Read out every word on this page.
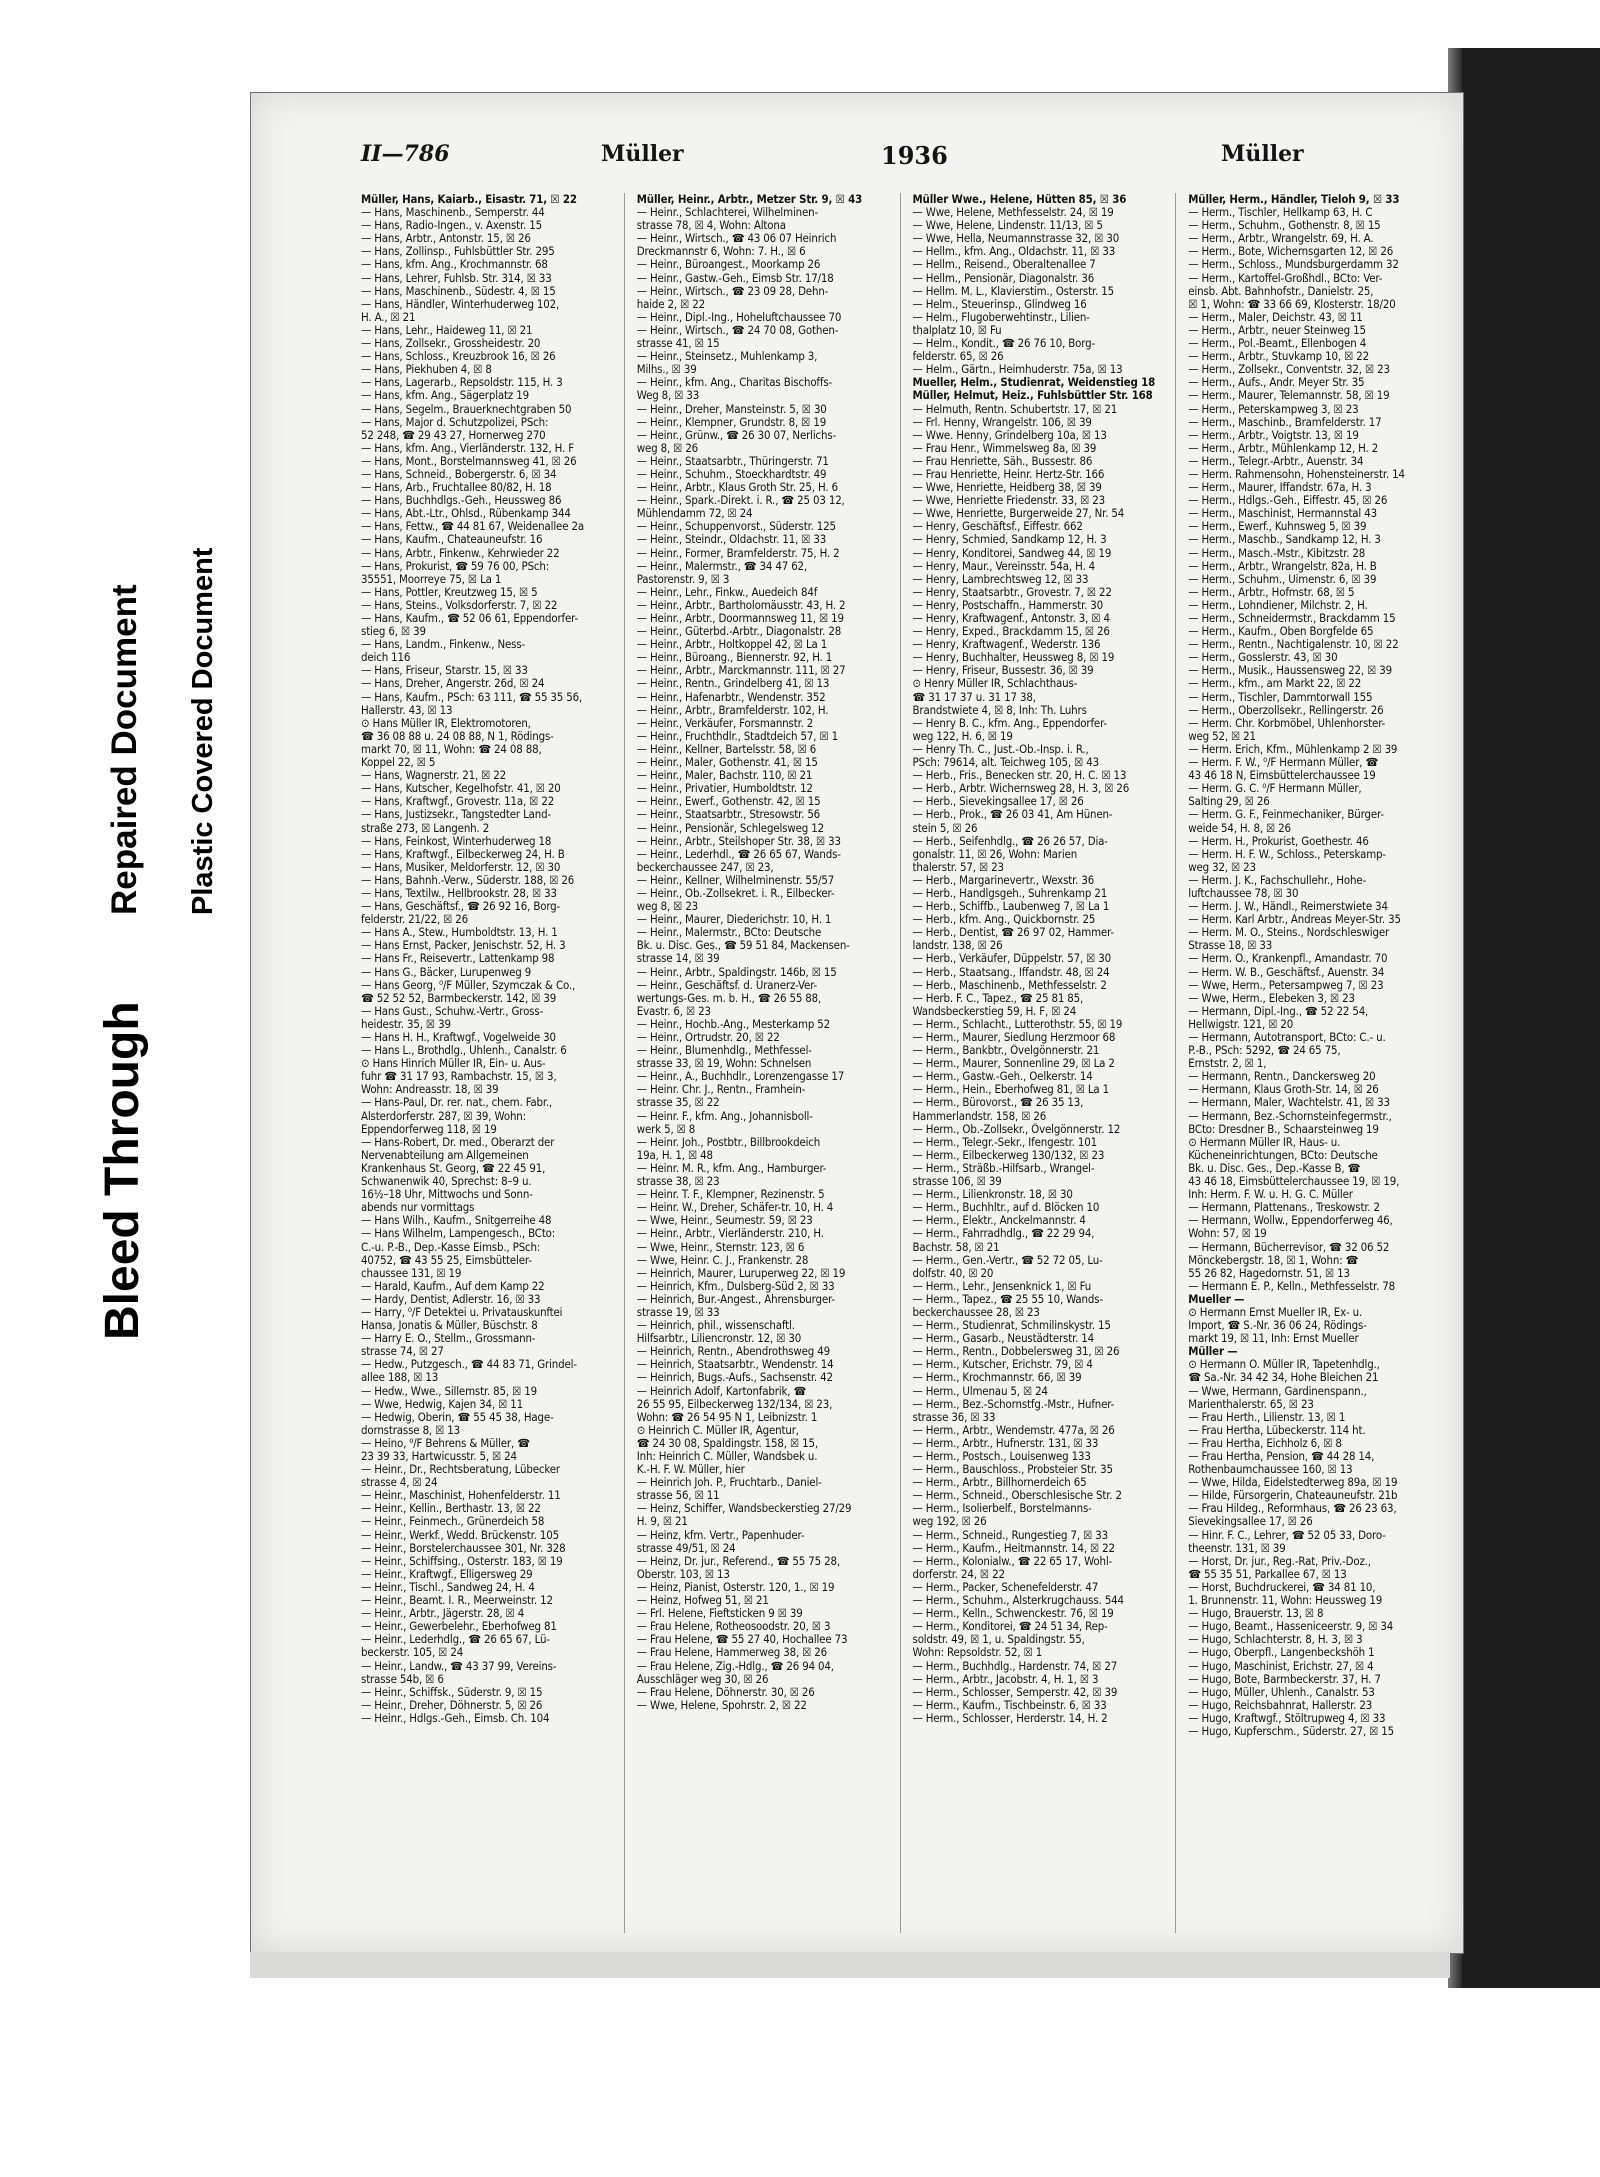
Bleed Through
Repaired Document Plastic Covered Document
II—786	Müller	1936	Müller
Müller, Hans, Kaiarb., Eisastr. 71, ☒ 22
— Hans, Maschinenb., Semperstr. 44
— Hans, Radio-Ingen., v. Axenstr. 15
— Hans, Arbtr., Antonstr. 15, ☒ 26
— Hans, Zollinsp., Fuhlsbüttler Str. 295
— Hans, kfm. Ang., Krochmannstr. 68
— Hans, Lehrer, Fuhlsb. Str. 314, ☒ 33
— Hans, Maschinenb., Südestr. 4, ☒ 15
— Hans, Händler, Winterhuderweg 102,
H. A., ☒ 21
— Hans, Lehr., Haideweg 11, ☒ 21
— Hans, Zollsekr., Grossheidestr. 20
— Hans, Schloss., Kreuzbrook 16, ☒ 26
— Hans, Piekhuben 4, ☒ 8
— Hans, Lagerarb., Repsoldstr. 115, H. 3
— Hans, kfm. Ang., Sägerplatz 19
— Hans, Segelm., Brauerknechtgraben 50
— Hans, Major d. Schutzpolizei, PSch:
52 248, ☎ 29 43 27, Hornerweg 270
— Hans, kfm. Ang., Vierländerstr. 132, H. F
— Hans, Mont., Borstelmannsweg 41, ☒ 26
— Hans, Schneid., Bobergerstr. 6, ☒ 34
— Hans, Arb., Fruchtallee 80/82, H. 18
— Hans, Buchhdlgs.-Geh., Heussweg 86
— Hans, Abt.-Ltr., Ohlsd., Rübenkamp 344
— Hans, Fettw., ☎ 44 81 67, Weidenallee 2a
— Hans, Kaufm., Chateauneufstr. 16
— Hans, Arbtr., Finkenw., Kehrwieder 22
— Hans, Prokurist, ☎ 59 76 00, PSch:
35551, Moorreye 75, ☒ La 1
— Hans, Pottler, Kreutzweg 15, ☒ 5
— Hans, Steins., Volksdorferstr. 7, ☒ 22
— Hans, Kaufm., ☎ 52 06 61, Eppendorfer-
stieg 6, ☒ 39
— Hans, Landm., Finkenw., Ness-
deich 116
— Hans, Friseur, Starstr. 15, ☒ 33
— Hans, Dreher, Angerstr. 26d, ☒ 24
— Hans, Kaufm., PSch: 63 111, ☎ 55 35 56,
Hallerstr. 43, ☒ 13
⊙ Hans Müller IR, Elektromotoren,
☎ 36 08 88 u. 24 08 88, N 1, Rödings-
markt 70, ☒ 11, Wohn: ☎ 24 08 88,
Koppel 22, ☒ 5
— Hans, Wagnerstr. 21, ☒ 22
— Hans, Kutscher, Kegelhofstr. 41, ☒ 20
— Hans, Kraftwgf., Grovestr. 11a, ☒ 22
— Hans, Justizsekr., Tangstedter Land-
straße 273, ☒ Langenh. 2
— Hans, Feinkost, Winterhuderweg 18
— Hans, Kraftwgf., Eilbeckerweg 24, H. B
— Hans, Musiker, Meldorferstr. 12, ☒ 30
— Hans, Bahnh.-Verw., Süderstr. 188, ☒ 26
— Hans, Textilw., Hellbrookstr. 28, ☒ 33
— Hans, Geschäftsf., ☎ 26 92 16, Borg-
felderstr. 21/22, ☒ 26
— Hans A., Stew., Humboldtstr. 13, H. 1
— Hans Ernst, Packer, Jenischstr. 52, H. 3
— Hans Fr., Reisevertr., Lattenkamp 98
— Hans G., Bäcker, Lurupenweg 9
— Hans Georg, ⁰/F Müller, Szymczak & Co.,
☎ 52 52 52, Barmbeckerstr. 142, ☒ 39
— Hans Gust., Schuhw.-Vertr., Gross-
heidestr. 35, ☒ 39
— Hans H. H., Kraftwgf., Vogelweide 30
— Hans L., Brothdlg., Uhlenh., Canalstr. 6
⊙ Hans Hinrich Müller IR, Ein- u. Aus-
fuhr ☎ 31 17 93, Rambachstr. 15, ☒ 3,
Wohn: Andreasstr. 18, ☒ 39
— Hans-Paul, Dr. rer. nat., chem. Fabr.,
Alsterdorferstr. 287, ☒ 39, Wohn:
Eppendorferweg 118, ☒ 19
— Hans-Robert, Dr. med., Oberarzt der
Nervenabteilung am Allgemeinen
Krankenhaus St. Georg, ☎ 22 45 91,
Schwanenwik 40, Sprechst: 8–9 u.
16½–18 Uhr, Mittwochs und Sonn-
abends nur vormittags
— Hans Wilh., Kaufm., Snitgerreihe 48
— Hans Wilhelm, Lampengesch., BCto:
C.-u. P.-B., Dep.-Kasse Eimsb., PSch:
40752, ☎ 43 55 25, Eimsbütteler-
chaussee 131, ☒ 19
— Harald, Kaufm., Auf dem Kamp 22
— Hardy, Dentist, Adlerstr. 16, ☒ 33
— Harry, ⁰/F Detektei u. Privatauskunftei
Hansa, Jonatis & Müller, Büschstr. 8
— Harry E. O., Stellm., Grossmann-
strasse 74, ☒ 27
— Hedw., Putzgesch., ☎ 44 83 71, Grindel-
allee 188, ☒ 13
— Hedw., Wwe., Sillemstr. 85, ☒ 19
— Wwe, Hedwig, Kajen 34, ☒ 11
— Hedwig, Oberin, ☎ 55 45 38, Hage-
dornstrasse 8, ☒ 13
— Heino, ⁰/F Behrens & Müller, ☎
23 39 33, Hartwicusstr. 5, ☒ 24
— Heinr., Dr., Rechtsberatung, Lübecker
strasse 4, ☒ 24
— Heinr., Maschinist, Hohenfelderstr. 11
— Heinr., Kellin., Berthastr. 13, ☒ 22
— Heinr., Feinmech., Grünerdeich 58
— Heinr., Werkf., Wedd. Brückenstr. 105
— Heinr., Borstelerchaussee 301, Nr. 328
— Heinr., Schiffsing., Osterstr. 183, ☒ 19
— Heinr., Kraftwgf., Elligersweg 29
— Heinr., Tischl., Sandweg 24, H. 4
— Heinr., Beamt. I. R., Meerweinstr. 12
— Heinr., Arbtr., Jägerstr. 28, ☒ 4
— Heinr., Gewerbelehr., Eberhofweg 81
— Heinr., Lederhdlg., ☎ 26 65 67, Lü-
beckerstr. 105, ☒ 24
— Heinr., Landw., ☎ 43 37 99, Vereins-
strasse 54b, ☒ 6
— Heinr., Schiffsk., Süderstr. 9, ☒ 15
— Heinr., Dreher, Döhnerstr. 5, ☒ 26
— Heinr., Hdlgs.-Geh., Eimsb. Ch. 104
Müller, Heinr., Arbtr., Metzer Str. 9, ☒ 43
— Heinr., Schlachterei, Wilhelminen-
strasse 78, ☒ 4, Wohn: Altona
— Heinr., Wirtsch., ☎ 43 06 07 Heinrich
Dreckmannstr 6, Wohn: 7. H., ☒ 6
— Heinr., Büroangest., Moorkamp 26
— Heinr., Gastw.-Geh., Eimsb Str. 17/18
— Heinr., Wirtsch., ☎ 23 09 28, Dehn-
haide 2, ☒ 22
— Heinr., Dipl.-Ing., Hoheluftchaussee 70
— Heinr., Wirtsch., ☎ 24 70 08, Gothen-
strasse 41, ☒ 15
— Heinr., Steinsetz., Muhlenkamp 3,
Milhs., ☒ 39
— Heinr., kfm. Ang., Charitas Bischoffs-
Weg 8, ☒ 33
— Heinr., Dreher, Mansteinstr. 5, ☒ 30
— Heinr., Klempner, Grundstr. 8, ☒ 19
— Heinr., Grünw., ☎ 26 30 07, Nerlichs-
weg 8, ☒ 26
— Heinr., Staatsarbtr., Thüringerstr. 71
— Heinr., Schuhm., Stoeckhardtstr. 49
— Heinr., Arbtr., Klaus Groth Str. 25, H. 6
— Heinr., Spark.-Direkt. i. R., ☎ 25 03 12,
Mühlendamm 72, ☒ 24
— Heinr., Schuppenvorst., Süderstr. 125
— Heinr., Steindr., Oldachstr. 11, ☒ 33
— Heinr., Former, Bramfelderstr. 75, H. 2
— Heinr., Malermstr., ☎ 34 47 62,
Pastorenstr. 9, ☒ 3
— Heinr., Lehr., Finkw., Auedeich 84f
— Heinr., Arbtr., Bartholomäusstr. 43, H. 2
— Heinr., Arbtr., Doormannsweg 11, ☒ 19
— Heinr., Güterbd.-Arbtr., Diagonalstr. 28
— Heinr., Arbtr., Holtkoppel 42, ☒ La 1
— Heinr., Büroang., Biennerstr. 92, H. 1
— Heinr., Arbtr., Marckmannstr. 111, ☒ 27
— Heinr., Rentn., Grindelberg 41, ☒ 13
— Heinr., Hafenarbtr., Wendenstr. 352
— Heinr., Arbtr., Bramfelderstr. 102, H.
— Heinr., Verkäufer, Forsmannstr. 2
— Heinr., Fruchthdlr., Stadtdeich 57, ☒ 1
— Heinr., Kellner, Bartelsstr. 58, ☒ 6
— Heinr., Maler, Gothenstr. 41, ☒ 15
— Heinr., Maler, Bachstr. 110, ☒ 21
— Heinr., Privatier, Humboldtstr. 12
— Heinr., Ewerf., Gothenstr. 42, ☒ 15
— Heinr., Staatsarbtr., Stresowstr. 56
— Heinr., Pensionär, Schlegelsweg 12
— Heinr., Arbtr., Steilshoper Str. 38, ☒ 33
— Heinr., Lederhdl., ☎ 26 65 67, Wands-
beckerchaussee 247, ☒ 23,
— Heinr., Kellner, Wilhelminenstr. 55/57
— Heinr., Ob.-Zollsekret. i. R., Eilbecker-
weg 8, ☒ 23
— Heinr., Maurer, Diederichstr. 10, H. 1
— Heinr., Malermstr., BCto: Deutsche
Bk. u. Disc. Ges., ☎ 59 51 84, Mackensen-
strasse 14, ☒ 39
— Heinr., Arbtr., Spaldingstr. 146b, ☒ 15
— Heinr., Geschäftsf. d. Uranerz-Ver-
wertungs-Ges. m. b. H., ☎ 26 55 88,
Evastr. 6, ☒ 23
— Heinr., Hochb.-Ang., Mesterkamp 52
— Heinr., Ortrudstr. 20, ☒ 22
— Heinr., Blumenhdlg., Methfessel-
strasse 33, ☒ 19, Wohn: Schnelsen
— Heinr., A., Buchhdlr., Lorenzengasse 17
— Heinr. Chr. J., Rentn., Framhein-
strasse 35, ☒ 22
— Heinr. F., kfm. Ang., Johannisboll-
werk 5, ☒ 8
— Heinr. Joh., Postbtr., Billbrookdeich
19a, H. 1, ☒ 48
— Heinr. M. R., kfm. Ang., Hamburger-
strasse 38, ☒ 23
— Heinr. T. F., Klempner, Rezinenstr. 5
— Heinr. W., Dreher, Schäfer-tr. 10, H. 4
— Wwe, Heinr., Seumestr. 59, ☒ 23
— Heinr., Arbtr., Vierländerstr. 210, H.
— Wwe, Heinr., Sternstr. 123, ☒ 6
— Wwe, Heinr. C. J., Frankenstr. 28
— Heinrich, Maurer, Luruperweg 22, ☒ 19
— Heinrich, Kfm., Dulsberg-Süd 2, ☒ 33
— Heinrich, Bur.-Angest., Ahrensburger-
strasse 19, ☒ 33
— Heinrich, phil., wissenschaftl.
Hilfsarbtr., Liliencronstr. 12, ☒ 30
— Heinrich, Rentn., Abendrothsweg 49
— Heinrich, Staatsarbtr., Wendenstr. 14
— Heinrich, Bugs.-Aufs., Sachsenstr. 42
— Heinrich Adolf, Kartonfabrik, ☎
26 55 95, Eilbeckerweg 132/134, ☒ 23,
Wohn: ☎ 26 54 95 N 1, Leibnizstr. 1
⊙ Heinrich C. Müller IR, Agentur,
☎ 24 30 08, Spaldingstr. 158, ☒ 15,
Inh: Heinrich C. Müller, Wandsbek u.
K.-H. F. W. Müller, hier
— Heinrich Joh. P., Fruchtarb., Daniel-
strasse 56, ☒ 11
— Heinz, Schiffer, Wandsbeckerstieg 27/29
H. 9, ☒ 21
— Heinz, kfm. Vertr., Papenhuder-
strasse 49/51, ☒ 24
— Heinz, Dr. jur., Referend., ☎ 55 75 28,
Oberstr. 103, ☒ 13
— Heinz, Pianist, Osterstr. 120, 1., ☒ 19
— Heinz, Hofweg 51, ☒ 21
— Frl. Helene, Fieftsticken 9 ☒ 39
— Frau Helene, Rotheosoodstr. 20, ☒ 3
— Frau Helene, ☎ 55 27 40, Hochallee 73
— Frau Helene, Hammerweg 38, ☒ 26
— Frau Helene, Zig.-Hdlg., ☎ 26 94 04,
Ausschläger weg 30, ☒ 26
— Frau Helene, Döhnerstr. 30, ☒ 26
— Wwe, Helene, Spohrstr. 2, ☒ 22
Müller Wwe., Helene, Hütten 85, ☒ 36
— Wwe, Helene, Methfesselstr. 24, ☒ 19
— Wwe, Helene, Lindenstr. 11/13, ☒ 5
— Wwe, Hella, Neumannstrasse 32, ☒ 30
— Hellm., kfm. Ang., Oldachstr. 11, ☒ 33
— Hellm., Reisend., Oberaltenallee 7
— Hellm., Pensionär, Diagonalstr. 36
— Hellm. M. L., Klavierstim., Osterstr. 15
— Helm., Steuerinsp., Glindweg 16
— Helm., Flugoberwehtinstr., Lilien-
thalplatz 10, ☒ Fu
— Helm., Kondit., ☎ 26 76 10, Borg-
felderstr. 65, ☒ 26
— Helm., Gärtn., Heimhuderstr. 75a, ☒ 13
Mueller, Helm., Studienrat, Weidenstieg 18
Müller, Helmut, Heiz., Fuhlsbüttler Str. 168
— Helmuth, Rentn. Schubertstr. 17, ☒ 21
— Frl. Henny, Wrangelstr. 106, ☒ 39
— Wwe. Henny, Grindelberg 10a, ☒ 13
— Frau Henr., Wimmelsweg 8a, ☒ 39
— Frau Henriette, Säh., Bussestr. 86
— Frau Henriette, Heinr. Hertz-Str. 166
— Wwe, Henriette, Heidberg 38, ☒ 39
— Wwe, Henriette Friedenstr. 33, ☒ 23
— Wwe, Henriette, Burgerweide 27, Nr. 54
— Henry, Geschäftsf., Eiffestr. 662
— Henry, Schmied, Sandkamp 12, H. 3
— Henry, Konditorei, Sandweg 44, ☒ 19
— Henry, Maur., Vereinsstr. 54a, H. 4
— Henry, Lambrechtsweg 12, ☒ 33
— Henry, Staatsarbtr., Grovestr. 7, ☒ 22
— Henry, Postschaffn., Hammerstr. 30
— Henry, Kraftwagenf., Antonstr. 3, ☒ 4
— Henry, Exped., Brackdamm 15, ☒ 26
— Henry, Kraftwagenf., Wederstr. 136
— Henry, Buchhalter, Heussweg 8, ☒ 19
— Henry, Friseur, Bussestr. 36, ☒ 39
⊙ Henry Müller IR, Schlachthaus-
☎ 31 17 37 u. 31 17 38,
Brandstwiete 4, ☒ 8, Inh: Th. Luhrs
— Henry B. C., kfm. Ang., Eppendorfer-
weg 122, H. 6, ☒ 19
— Henry Th. C., Just.-Ob.-Insp. i. R.,
PSch: 79614, alt. Teichweg 105, ☒ 43
— Herb., Fris., Benecken str. 20, H. C. ☒ 13
— Herb., Arbtr. Wichernsweg 28, H. 3, ☒ 26
— Herb., Sievekingsallee 17, ☒ 26
— Herb., Prok., ☎ 26 03 41, Am Hünen-
stein 5, ☒ 26
— Herb., Seifenhdlg., ☎ 26 26 57, Dia-
gonalstr. 11, ☒ 26, Wohn: Marien
thalerstr. 57, ☒ 23
— Herb., Margarinevertr., Wexstr. 36
— Herb., Handlgsgeh., Suhrenkamp 21
— Herb., Schiffb., Laubenweg 7, ☒ La 1
— Herb., kfm. Ang., Quickbornstr. 25
— Herb., Dentist, ☎ 26 97 02, Hammer-
landstr. 138, ☒ 26
— Herb., Verkäufer, Düppelstr. 57, ☒ 30
— Herb., Staatsang., Iffandstr. 48, ☒ 24
— Herb., Maschinenb., Methfesselstr. 2
— Herb. F. C., Tapez., ☎ 25 81 85,
Wandsbeckerstieg 59, H. F, ☒ 24
— Herm., Schlacht., Lutterothstr. 55, ☒ 19
— Herm., Maurer, Siedlung Herzmoor 68
— Herm., Bankbtr., Övelgönnerstr. 21
— Herm., Maurer, Sonnenline 29, ☒ La 2
— Herm., Gastw.-Geh., Oelkerstr. 14
— Herm., Hein., Eberhofweg 81, ☒ La 1
— Herm., Bürovorst., ☎ 26 35 13,
Hammerlandstr. 158, ☒ 26
— Herm., Ob.-Zollsekr., Övelgönnerstr. 12
— Herm., Telegr.-Sekr., Ifengestr. 101
— Herm., Eilbeckerweg 130/132, ☒ 23
— Herm., Sträßb.-Hilfsarb., Wrangel-
strasse 106, ☒ 39
— Herm., Lilienkronstr. 18, ☒ 30
— Herm., Buchhltr., auf d. Blöcken 10
— Herm., Elektr., Anckelmannstr. 4
— Herm., Fahrradhdlg., ☎ 22 29 94,
Bachstr. 58, ☒ 21
— Herm., Gen.-Vertr., ☎ 52 72 05, Lu-
dolfstr. 40, ☒ 20
— Herm., Lehr., Jensenknick 1, ☒ Fu
— Herm., Tapez., ☎ 25 55 10, Wands-
beckerchaussee 28, ☒ 23
— Herm., Studienrat, Schmilinskystr. 15
— Herm., Gasarb., Neustädterstr. 14
— Herm., Rentn., Dobbelersweg 31, ☒ 26
— Herm., Kutscher, Erichstr. 79, ☒ 4
— Herm., Krochmannstr. 66, ☒ 39
— Herm., Ulmenau 5, ☒ 24
— Herm., Bez.-Schornstfg.-Mstr., Hufner-
strasse 36, ☒ 33
— Herm., Arbtr., Wendemstr. 477a, ☒ 26
— Herm., Arbtr., Hufnerstr. 131, ☒ 33
— Herm., Postsch., Louisenweg 133
— Herm., Bauschloss., Probsteier Str. 35
— Herm., Arbtr., Billhornerdeich 65
— Herm., Schneid., Oberschlesische Str. 2
— Herm., Isolierbelf., Borstelmanns-
weg 192, ☒ 26
— Herm., Schneid., Rungestieg 7, ☒ 33
— Herm., Kaufm., Heitmannstr. 14, ☒ 22
— Herm., Kolonialw., ☎ 22 65 17, Wohl-
dorferstr. 24, ☒ 22
— Herm., Packer, Schenefelderstr. 47
— Herm., Schuhm., Alsterkrugchauss. 544
— Herm., Kelln., Schwenckestr. 76, ☒ 19
— Herm., Konditorei, ☎ 24 51 34, Rep-
soldstr. 49, ☒ 1, u. Spaldingstr. 55,
Wohn: Repsoldstr. 52, ☒ 1
— Herm., Buchhdlg., Hardenstr. 74, ☒ 27
— Herm., Arbtr., Jacobstr. 4, H. 1, ☒ 3
— Herm., Schlosser, Semperstr. 42, ☒ 39
— Herm., Kaufm., Tischbeinstr. 6, ☒ 33
— Herm., Schlosser, Herderstr. 14, H. 2
Müller, Herm., Händler, Tieloh 9, ☒ 33
— Herm., Tischler, Hellkamp 63, H. C
— Herm., Schuhm., Gothenstr. 8, ☒ 15
— Herm., Arbtr., Wrangelstr. 69, H. A.
— Herm., Bote, Wichernsgarten 12, ☒ 26
— Herm., Schloss., Mundsburgerdamm 32
— Herm., Kartoffel-Großhdl., BCto: Ver-
einsb. Abt. Bahnhofstr., Danielstr. 25,
☒ 1, Wohn: ☎ 33 66 69, Klosterstr. 18/20
— Herm., Maler, Deichstr. 43, ☒ 11
— Herm., Arbtr., neuer Steinweg 15
— Herm., Pol.-Beamt., Ellenbogen 4
— Herm., Arbtr., Stuvkamp 10, ☒ 22
— Herm., Zollsekr., Conventstr. 32, ☒ 23
— Herm., Aufs., Andr. Meyer Str. 35
— Herm., Maurer, Telemannstr. 58, ☒ 19
— Herm., Peterskampweg 3, ☒ 23
— Herm., Maschinb., Bramfelderstr. 17
— Herm., Arbtr., Voigtstr. 13, ☒ 19
— Herm., Arbtr., Mühlenkamp 12, H. 2
— Herm., Telegr.-Arbtr., Auenstr. 34
— Herm. Rahmensohn, Hohensteinerstr. 14
— Herm., Maurer, Iffandstr. 67a, H. 3
— Herm., Hdlgs.-Geh., Eiffestr. 45, ☒ 26
— Herm., Maschinist, Hermannstal 43
— Herm., Ewerf., Kuhnsweg 5, ☒ 39
— Herm., Maschb., Sandkamp 12, H. 3
— Herm., Masch.-Mstr., Kibitzstr. 28
— Herm., Arbtr., Wrangelstr. 82a, H. B
— Herm., Schuhm., Uimenstr. 6, ☒ 39
— Herm., Arbtr., Hofmstr. 68, ☒ 5
— Herm., Lohndiener, Milchstr. 2, H.
— Herm., Schneidermstr., Brackdamm 15
— Herm., Kaufm., Oben Borgfelde 65
— Herm., Rentn., Nachtigalenstr. 10, ☒ 22
— Herm., Gosslerstr. 43, ☒ 30
— Herm., Musik., Haussensweg 22, ☒ 39
— Herm., kfm., am Markt 22, ☒ 22
— Herm., Tischler, Dammtorwall 155
— Herm., Oberzollsekr., Rellingerstr. 26
— Herm. Chr. Korbmöbel, Uhlenhorster-
weg 52, ☒ 21
— Herm. Erich, Kfm., Mühlenkamp 2 ☒ 39
— Herm. F. W., ⁰/F Hermann Müller, ☎
43 46 18 N, Eimsbüttelerchaussee 19
— Herm. G. C. ⁰/F Hermann Müller,
Salting 29, ☒ 26
— Herm. G. F., Feinmechaniker, Bürger-
weide 54, H. 8, ☒ 26
— Herm. H., Prokurist, Goethestr. 46
— Herm. H. F. W., Schloss., Peterskamp-
weg 32, ☒ 23
— Herm. J. K., Fachschullehr., Hohe-
luftchaussee 78, ☒ 30
— Herm. J. W., Händl., Reimerstwiete 34
— Herm. Karl Arbtr., Andreas Meyer-Str. 35
— Herm. M. O., Steins., Nordschleswiger
Strasse 18, ☒ 33
— Herm. O., Krankenpfl., Amandastr. 70
— Herm. W. B., Geschäftsf., Auenstr. 34
— Wwe, Herm., Petersampweg 7, ☒ 23
— Wwe, Herm., Elebeken 3, ☒ 23
— Hermann, Dipl.-Ing., ☎ 52 22 54,
Hellwigstr. 121, ☒ 20
— Hermann, Autotransport, BCto: C.- u.
P.-B., PSch: 5292, ☎ 24 65 75,
Ernststr. 2, ☒ 1,
— Hermann, Rentn., Danckersweg 20
— Hermann, Klaus Groth-Str. 14, ☒ 26
— Hermann, Maler, Wachtelstr. 41, ☒ 33
— Hermann, Bez.-Schornsteinfegermstr.,
BCto: Dresdner B., Schaarsteinweg 19
⊙ Hermann Müller IR, Haus- u.
Kücheneinrichtungen, BCto: Deutsche
Bk. u. Disc. Ges., Dep.-Kasse B, ☎
43 46 18, Eimsbüttelerchaussee 19, ☒ 19,
Inh: Herm. F. W. u. H. G. C. Müller
— Hermann, Plattenans., Treskowstr. 2
— Hermann, Wollw., Eppendorferweg 46,
Wohn: 57, ☒ 19
— Hermann, Bücherrevisor, ☎ 32 06 52
Mönckebergstr. 18, ☒ 1, Wohn: ☎
55 26 82, Hagedornstr. 51, ☒ 13
— Hermann E. P., Kelln., Methfesselstr. 78
Mueller —
⊙ Hermann Ernst Mueller IR, Ex- u.
Import, ☎ S.-Nr. 36 06 24, Rödings-
markt 19, ☒ 11, Inh: Ernst Mueller
Müller —
⊙ Hermann O. Müller IR, Tapetenhdlg.,
☎ Sa.-Nr. 34 42 34, Hohe Bleichen 21
— Wwe, Hermann, Gardinenspann.,
Marienthalerstr. 65, ☒ 23
— Frau Herth., Lilienstr. 13, ☒ 1
— Frau Hertha, Lübeckerstr. 114 ht.
— Frau Hertha, Eichholz 6, ☒ 8
— Frau Hertha, Pension, ☎ 44 28 14,
Rothenbaumchaussee 160, ☒ 13
— Wwe, Hilda, Eidelstedterweg 89a, ☒ 19
— Hilde, Fürsorgerin, Chateauneufstr. 21b
— Frau Hildeg., Reformhaus, ☎ 26 23 63,
Sievekingsallee 17, ☒ 26
— Hinr. F. C., Lehrer, ☎ 52 05 33, Doro-
theenstr. 131, ☒ 39
— Horst, Dr. jur., Reg.-Rat, Priv.-Doz.,
☎ 55 35 51, Parkallee 67, ☒ 13
— Horst, Buchdruckerei, ☎ 34 81 10,
1. Brunnenstr. 11, Wohn: Heussweg 19
— Hugo, Brauerstr. 13, ☒ 8
— Hugo, Beamt., Hasseniceerstr. 9, ☒ 34
— Hugo, Schlachterstr. 8, H. 3, ☒ 3
— Hugo, Oberpfl., Langenbeckshöh 1
— Hugo, Maschinist, Erichstr. 27, ☒ 4
— Hugo, Bote, Barmbeckerstr. 37, H. 7
— Hugo, Müller, Uhlenh., Canalstr. 53
— Hugo, Reichsbahnrat, Hallerstr. 23
— Hugo, Kraftwgf., Stöltrupweg 4, ☒ 33
— Hugo, Kupferschm., Süderstr. 27, ☒ 15
